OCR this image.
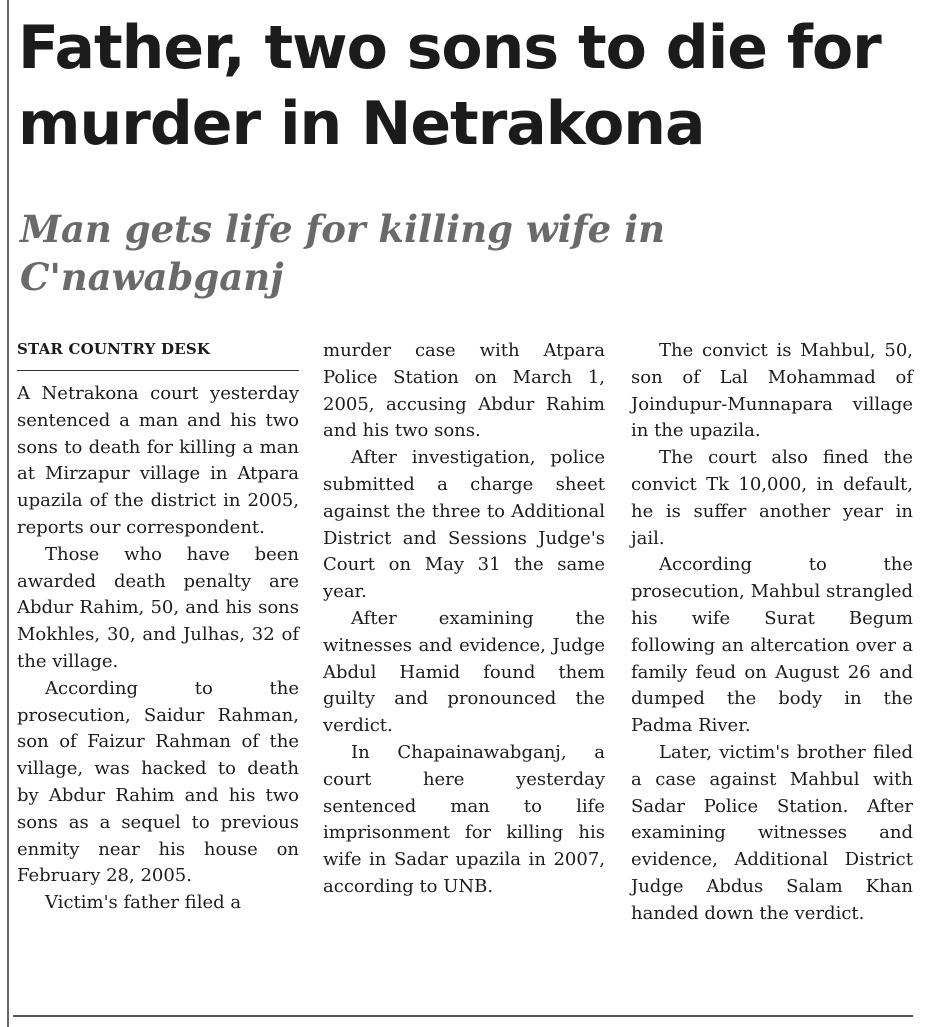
Father, two sons to die for murder in Netrakona
Man gets life for killing wife in C'nawabganj
STAR COUNTRY DESK

A Netrakona court yesterday sentenced a man and his two sons to death for killing a man at Mirzapur village in Atpara upazila of the district in 2005, reports our correspondent.

Those who have been awarded death penalty are Abdur Rahim, 50, and his sons Mokhles, 30, and Julhas, 32 of the village.

According to the prosecution, Saidur Rahman, son of Faizur Rahman of the village, was hacked to death by Abdur Rahim and his two sons as a sequel to previous enmity near his house on February 28, 2005.

Victim's father filed a

murder case with Atpara Police Station on March 1, 2005, accusing Abdur Rahim and his two sons.

After investigation, police submitted a charge sheet against the three to Additional District and Sessions Judge's Court on May 31 the same year.

After examining the witnesses and evidence, Judge Abdul Hamid found them guilty and pronounced the verdict.

In Chapainawabganj, a court here yesterday sentenced man to life imprisonment for killing his wife in Sadar upazila in 2007, according to UNB.

The convict is Mahbul, 50, son of Lal Mohammad of Joindupur-Munnapara village in the upazila.

The court also fined the convict Tk 10,000, in default, he is suffer another year in jail.

According to the prosecution, Mahbul strangled his wife Surat Begum following an altercation over a family feud on August 26 and dumped the body in the Padma River.

Later, victim's brother filed a case against Mahbul with Sadar Police Station. After examining witnesses and evidence, Additional District Judge Abdus Salam Khan handed down the verdict.
